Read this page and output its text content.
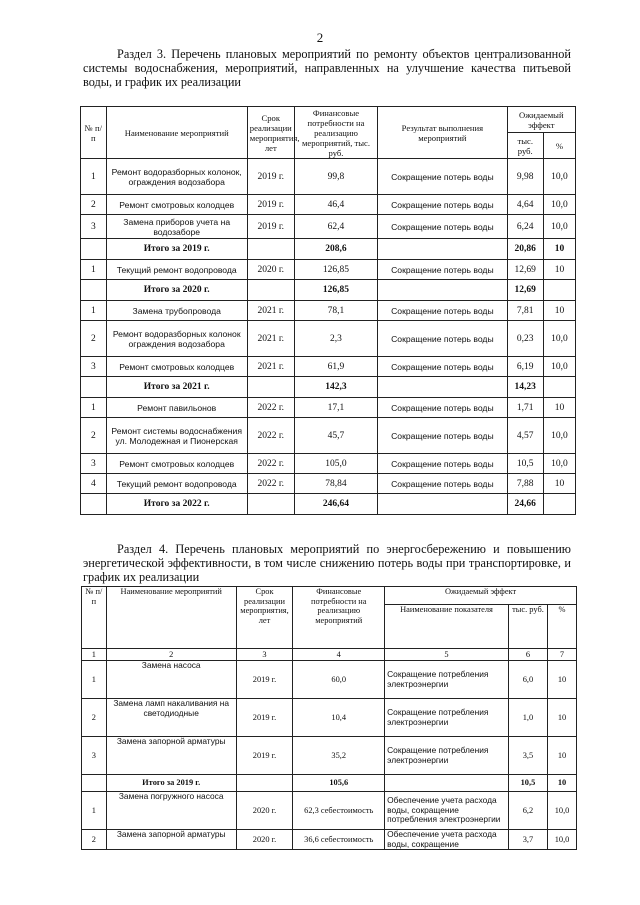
2
Раздел 3. Перечень плановых мероприятий по ремонту объектов централизованной системы водоснабжения, мероприятий, направленных на улучшение качества питьевой воды, и график их реализации
№ п/п	Наименование мероприятий	Срок реализации мероприятия, лет	Финансовые потребности на реализацию мероприятий, тыс. руб.	Результат выполнения мероприятий	Ожидаемый эффект	
					тыс. руб.	%
1	Ремонт водоразборных колонок, ограждения водозабора	2019 г.	99,8	Сокращение потерь воды	9,98	10,0
2	Ремонт смотровых колодцев	2019 г.	46,4	Сокращение потерь воды	4,64	10,0
3	Замена приборов учета на водозаборе	2019 г.	62,4	Сокращение потерь воды	6,24	10,0
	Итого за 2019 г.		208,6		20,86	10
1	Текущий ремонт водопровода	2020 г.	126,85	Сокращение потерь воды	12,69	10
	Итого за 2020 г.		126,85		12,69	
1	Замена трубопровода	2021 г.	78,1	Сокращение потерь воды	7,81	10
2	Ремонт водоразборных колонок ограждения водозабора	2021 г.	2,3	Сокращение потерь воды	0,23	10,0
3	Ремонт смотровых колодцев	2021 г.	61,9	Сокращение потерь воды	6,19	10,0
	Итого за 2021 г.		142,3		14,23	
1	Ремонт павильонов	2022 г.	17,1	Сокращение потерь воды	1,71	10
2	Ремонт системы водоснабжения ул. Молодежная и Пионерская	2022 г.	45,7	Сокращение потерь воды	4,57	10,0
3	Ремонт смотровых колодцев	2022 г.	105,0	Сокращение потерь воды	10,5	10,0
4	Текущий ремонт водопровода	2022 г.	78,84	Сокращение потерь воды	7,88	10
	Итого за 2022 г.		246,64		24,66	
Раздел 4. Перечень плановых мероприятий по энергосбережению и повышению энергетической эффективности, в том числе снижению потерь воды при транспортировке, и график их реализации
№ п/п	Наименование мероприятий	Срок реализации мероприятия, лет	Финансовые потребности на реализацию мероприятий	Ожидаемый эффект		
				Наименование показателя	тыс. руб.	%
1	2	3	4	5	6	7
1	Замена насоса	2019 г.	60,0	Сокращение потребления электроэнергии	6,0	10
2	Замена ламп накаливания на светодиодные	2019 г.	10,4	Сокращение потребления электроэнергии	1,0	10
3	Замена запорной арматуры	2019 г.	35,2	Сокращение потребления электроэнергии	3,5	10
	Итого за 2019 г.		105,6		10,5	10
1	Замена погружного насоса	2020 г.	62,3 себестоимость	Обеспечение учета расхода воды, сокращение потребления электроэнергии	6,2	10,0
2	Замена запорной арматуры	2020 г.	36,6 себестоимость	Обеспечение учета расхода воды, сокращение	3,7	10,0
